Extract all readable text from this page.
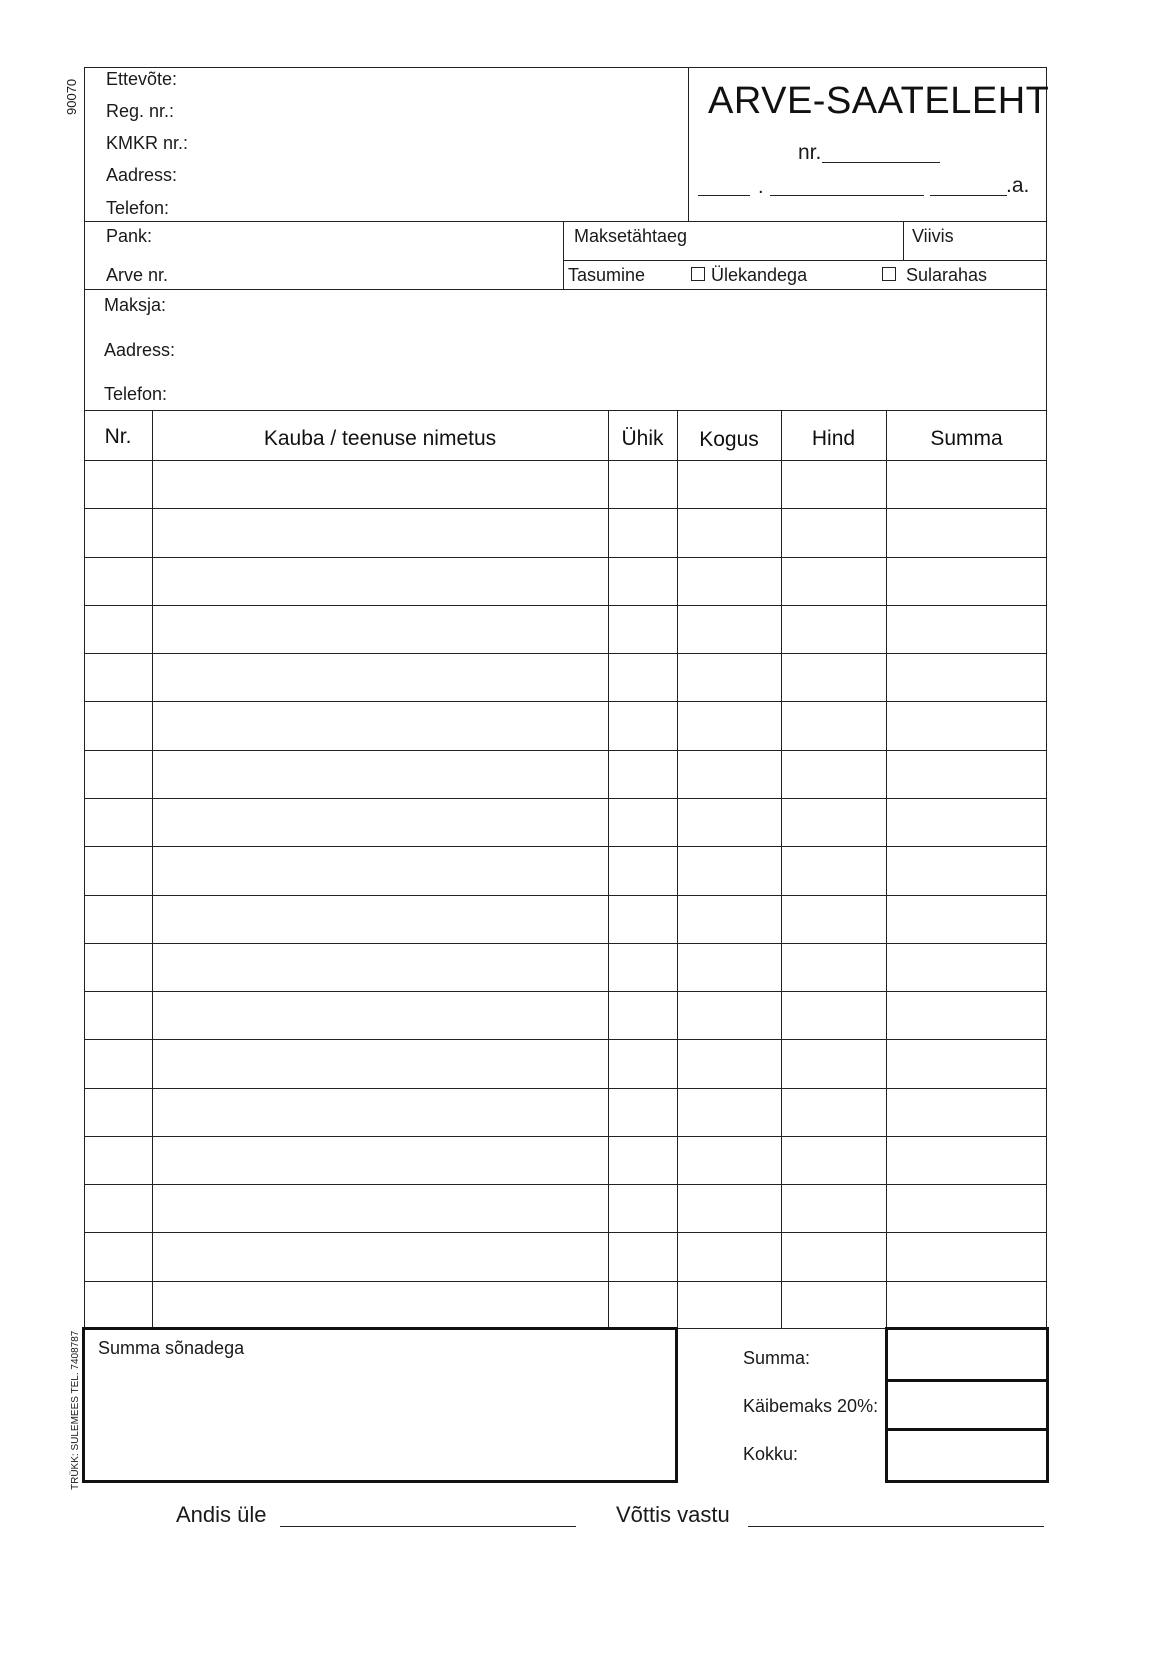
90070
TRÜKK: SULEMEES TEL. 7408787
Ettevõte:
Reg. nr.:
KMKR nr.:
Aadress:
Telefon:
ARVE-SAATELEHT
nr.
.	.a.
Pank:
Arve nr.
Maksetähtaeg	Viivis
Tasumine	Ülekandega	Sularahas
Maksja:
Aadress:
Telefon:
Nr.	Kauba / teenuse nimetus	Ühik	Kogus	Hind	Summa
Summa sõnadega	Summa:
Käibemaks 20%:
Kokku:
Andis üle	Võttis vastu
